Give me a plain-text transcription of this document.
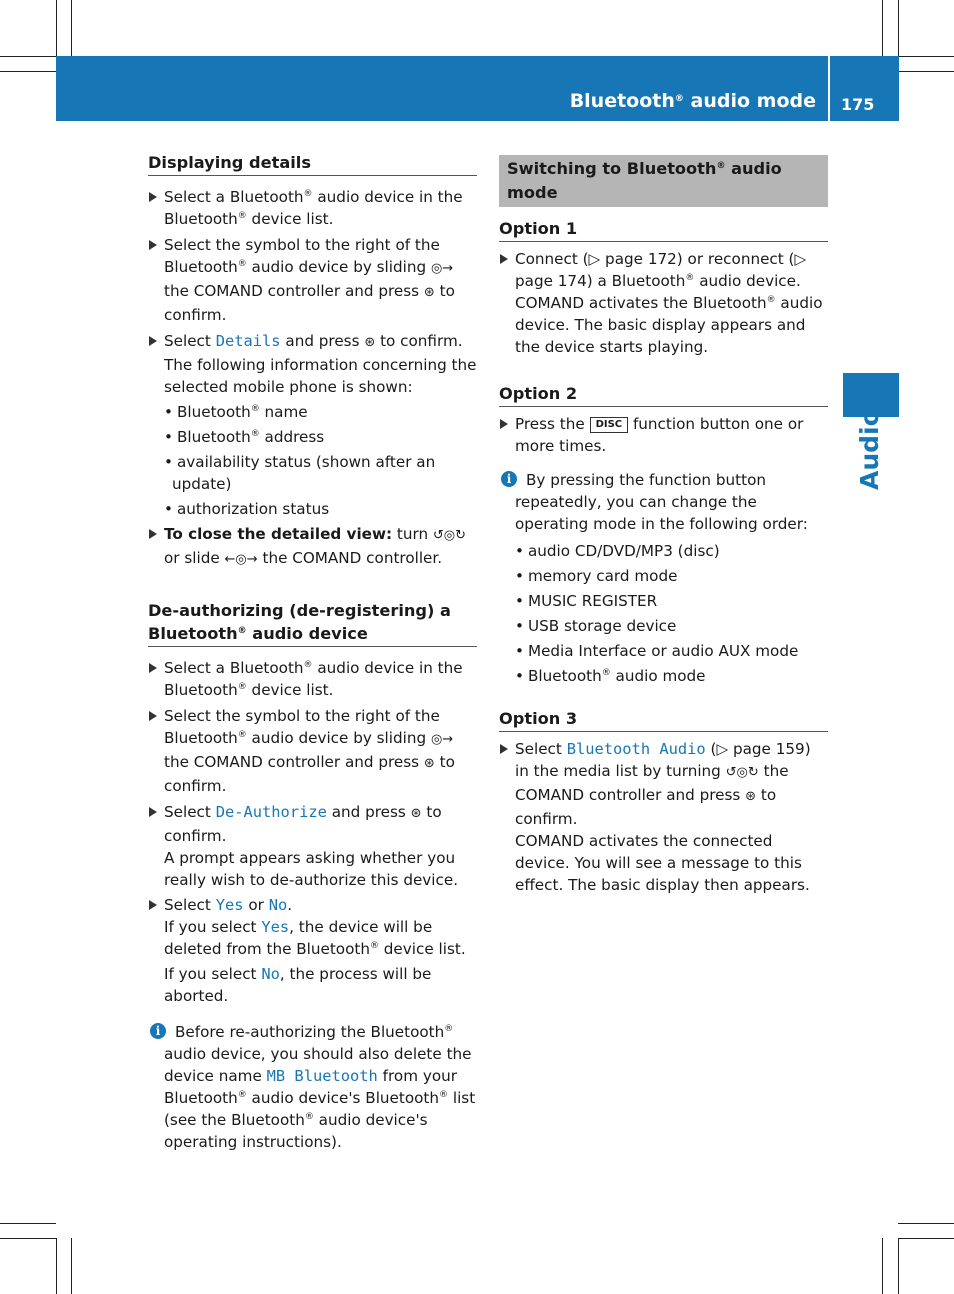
Bluetooth® audio mode 175
Audio
Displaying details
Select a Bluetooth® audio device in the Bluetooth® device list.
Select the symbol to the right of the Bluetooth® audio device by sliding ◎→ the COMAND controller and press ⊛ to confirm.
Select Details and press ⊛ to confirm.
The following information concerning the selected mobile phone is shown:
• Bluetooth® name
• Bluetooth® address
• availability status (shown after an update)
• authorization status
To close the detailed view: turn ↺◎↻ or slide ←◎→ the COMAND controller.
De-authorizing (de-registering) a
Bluetooth® audio device
Select a Bluetooth® audio device in the Bluetooth® device list.
Select the symbol to the right of the Bluetooth® audio device by sliding ◎→ the COMAND controller and press ⊛ to confirm.
Select De-Authorize and press ⊛ to confirm.
A prompt appears asking whether you really wish to de-authorize this device.
Select Yes or No.
If you select Yes, the device will be deleted from the Bluetooth® device list.
If you select No, the process will be aborted.
i Before re-authorizing the Bluetooth® audio device, you should also delete the device name MB Bluetooth from your Bluetooth® audio device's Bluetooth® list (see the Bluetooth® audio device's operating instructions).
Switching to Bluetooth® audio mode
Option 1
Connect (▷ page 172) or reconnect (▷ page 174) a Bluetooth® audio device.
COMAND activates the Bluetooth® audio device. The basic display appears and the device starts playing.
Option 2
Press the DISC function button one or more times.
i By pressing the function button repeatedly, you can change the operating mode in the following order:
• audio CD/DVD/MP3 (disc)
• memory card mode
• MUSIC REGISTER
• USB storage device
• Media Interface or audio AUX mode
• Bluetooth® audio mode
Option 3
Select Bluetooth Audio (▷ page 159) in the media list by turning ↺◎↻ the COMAND controller and press ⊛ to confirm.
COMAND activates the connected device. You will see a message to this effect. The basic display then appears.
